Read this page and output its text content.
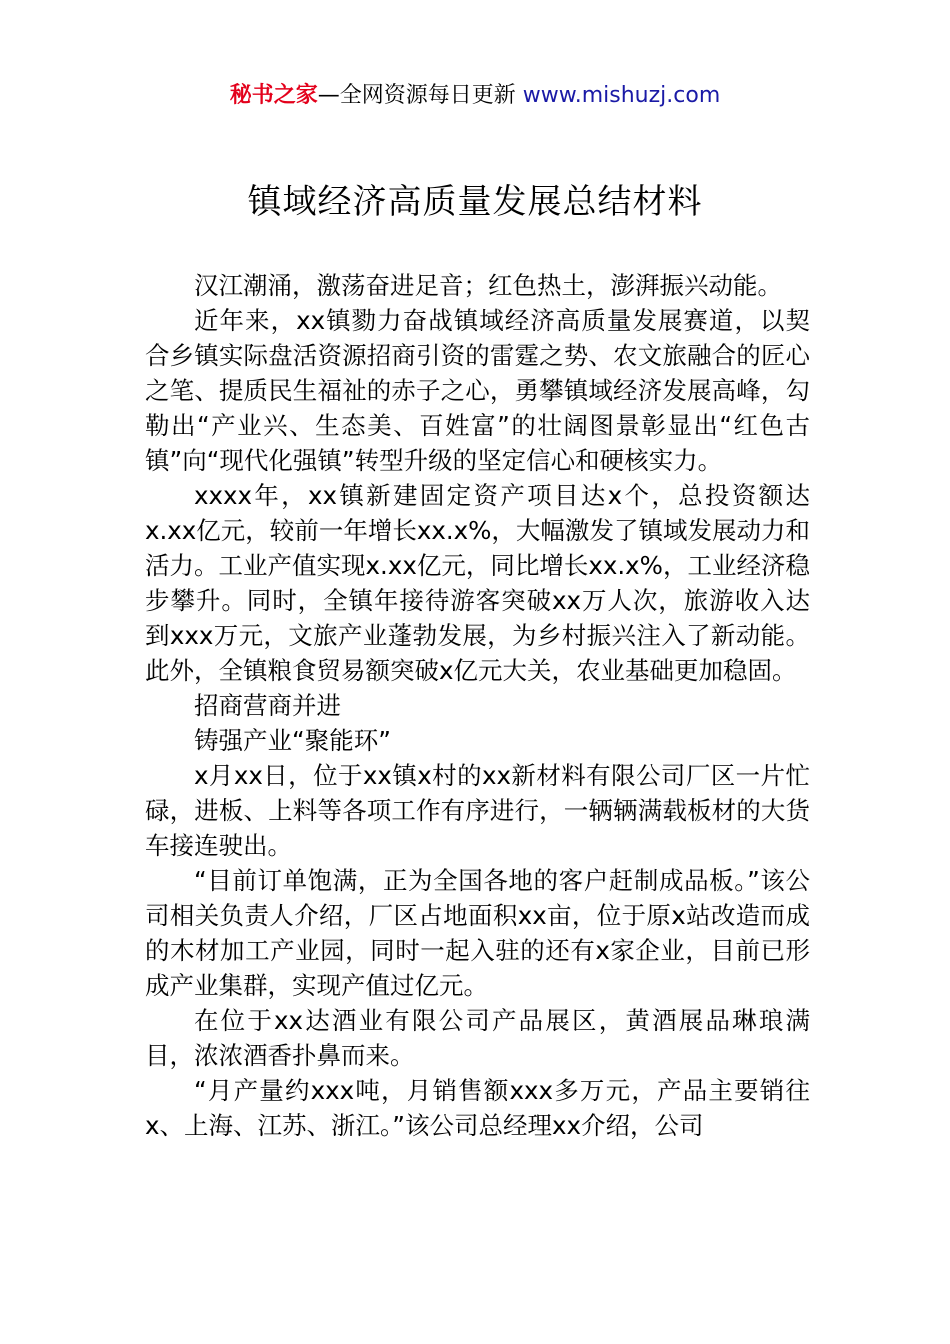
秘书之家—全网资源每日更新 www.mishuzj.com
镇域经济高质量发展总结材料

汉江潮涌，激荡奋进足音；红色热土，澎湃振兴动能。

近年来，xx镇勠力奋战镇域经济高质量发展赛道，以契合乡镇实际盘活资源招商引资的雷霆之势、农文旅融合的匠心之笔、提质民生福祉的赤子之心，勇攀镇域经济发展高峰，勾勒出“产业兴、生态美、百姓富”的壮阔图景彰显出“红色古镇”向“现代化强镇”转型升级的坚定信心和硬核实力。

xxxx年，xx镇新建固定资产项目达x个，总投资额达x.xx亿元，较前一年增长xx.x%，大幅激发了镇域发展动力和活力。工业产值实现x.xx亿元，同比增长xx.x%，工业经济稳步攀升。同时，全镇年接待游客突破xx万人次，旅游收入达到xxx万元，文旅产业蓬勃发展，为乡村振兴注入了新动能。此外，全镇粮食贸易额突破x亿元大关，农业基础更加稳固。

招商营商并进

铸强产业“聚能环”

x月xx日，位于xx镇x村的xx新材料有限公司厂区一片忙碌，进板、上料等各项工作有序进行，一辆辆满载板材的大货车接连驶出。

“目前订单饱满，正为全国各地的客户赶制成品板。”该公司相关负责人介绍，厂区占地面积xx亩，位于原x站改造而成的木材加工产业园，同时一起入驻的还有x家企业，目前已形成产业集群，实现产值过亿元。

在位于xx达酒业有限公司产品展区，黄酒展品琳琅满目，浓浓酒香扑鼻而来。

“月产量约xxx吨，月销售额xxx多万元，产品主要销往x、上海、江苏、浙江。”该公司总经理xx介绍，公司
